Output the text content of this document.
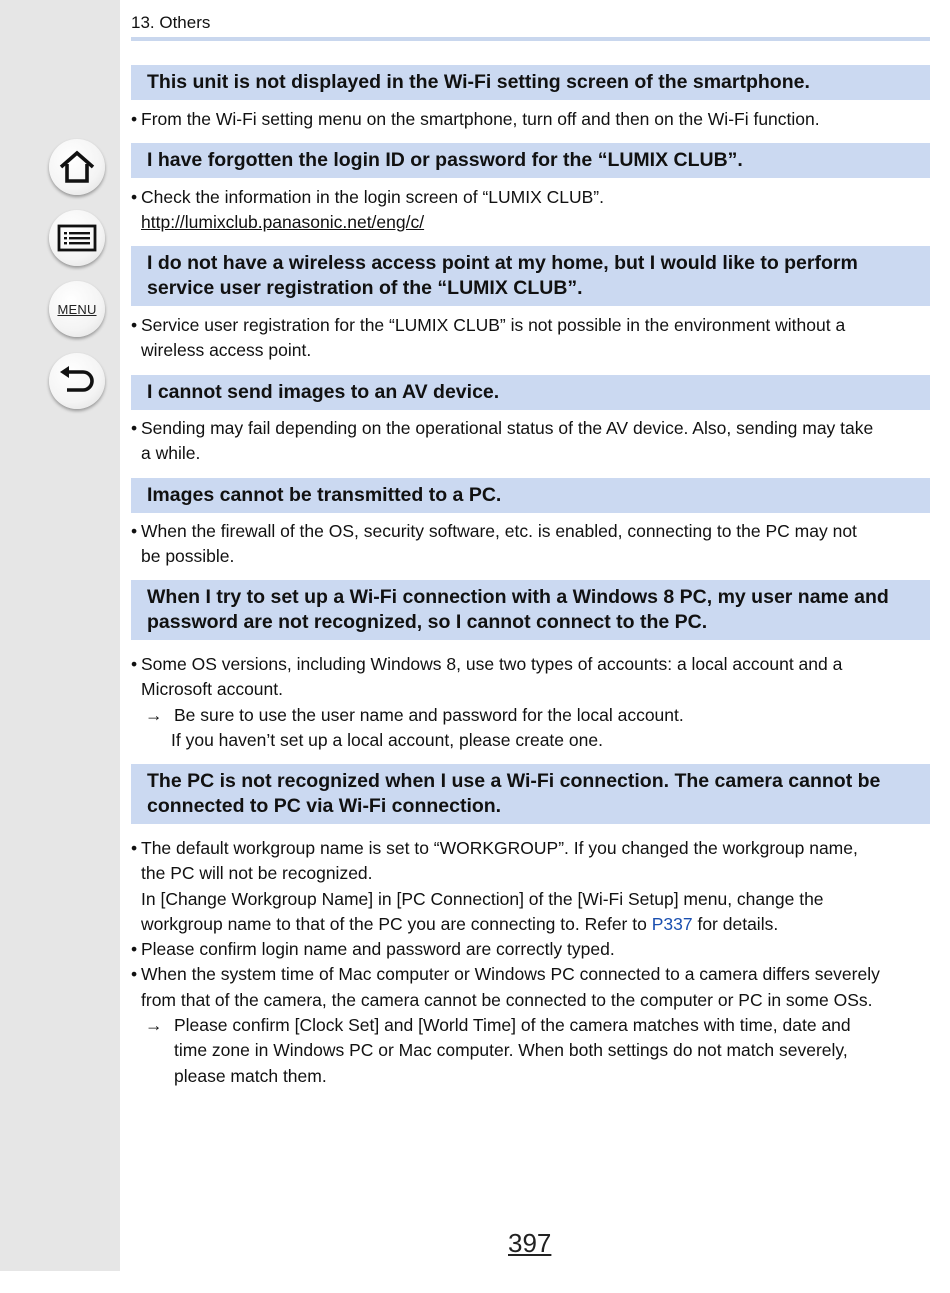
MENU
13. Others
This unit is not displayed in the Wi-Fi setting screen of the smartphone.
• From the Wi-Fi setting menu on the smartphone, turn off and then on the Wi-Fi function.
I have forgotten the login ID or password for the “LUMIX CLUB”.
• Check the information in the login screen of “LUMIX CLUB”.
http://lumixclub.panasonic.net/eng/c/
I do not have a wireless access point at my home, but I would like to perform
service user registration of the “LUMIX CLUB”.
• Service user registration for the “LUMIX CLUB” is not possible in the environment without a
wireless access point.
I cannot send images to an AV device.
• Sending may fail depending on the operational status of the AV device. Also, sending may take
a while.
Images cannot be transmitted to a PC.
• When the firewall of the OS, security software, etc. is enabled, connecting to the PC may not
be possible.
When I try to set up a Wi-Fi connection with a Windows 8 PC, my user name and
password are not recognized, so I cannot connect to the PC.
• Some OS versions, including Windows 8, use two types of accounts: a local account and a
Microsoft account.
→ Be sure to use the user name and password for the local account.
If you haven’t set up a local account, please create one.
The PC is not recognized when I use a Wi-Fi connection. The camera cannot be
connected to PC via Wi-Fi connection.
• The default workgroup name is set to “WORKGROUP”. If you changed the workgroup name,
the PC will not be recognized.
In [Change Workgroup Name] in [PC Connection] of the [Wi-Fi Setup] menu, change the
workgroup name to that of the PC you are connecting to. Refer to P337 for details.
• Please confirm login name and password are correctly typed.
• When the system time of Mac computer or Windows PC connected to a camera differs severely
from that of the camera, the camera cannot be connected to the computer or PC in some OSs.
→ Please confirm [Clock Set] and [World Time] of the camera matches with time, date and
time zone in Windows PC or Mac computer. When both settings do not match severely,
please match them.
397
